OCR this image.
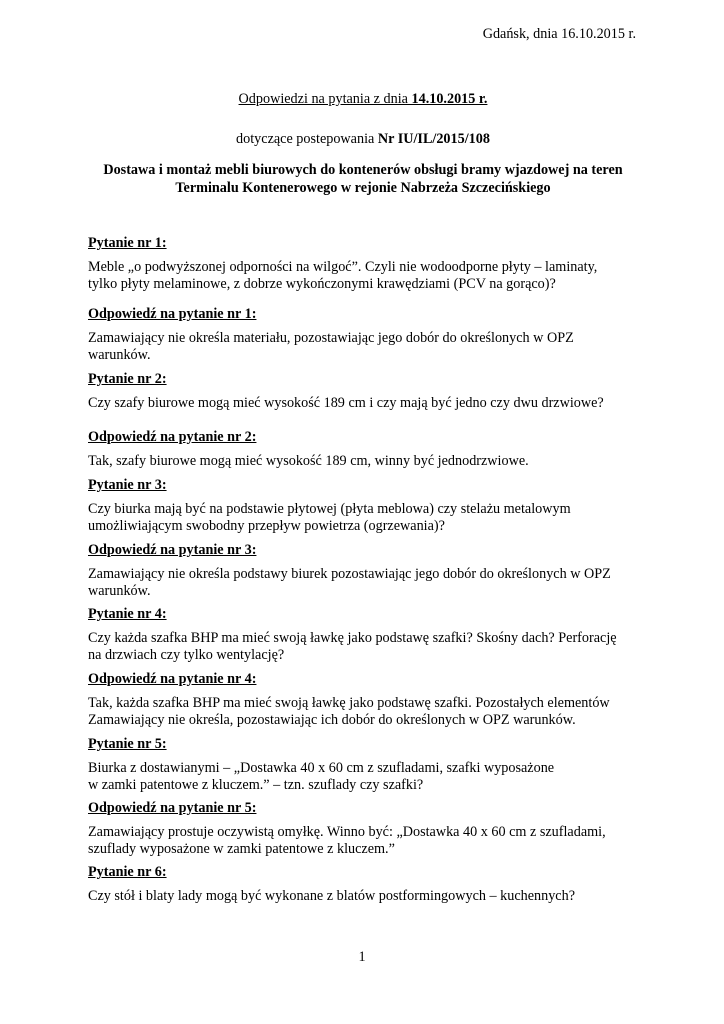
Gdańsk, dnia 16.10.2015 r.
Odpowiedzi na pytania z dnia 14.10.2015 r.
dotyczące postepowania Nr IU/IL/2015/108
Dostawa i montaż mebli biurowych do kontenerów obsługi bramy wjazdowej na teren
Terminalu Kontenerowego w rejonie Nabrzeża Szczecińskiego
Pytanie nr 1:
Meble „o podwyższonej odporności na wilgoć”. Czyli nie wodoodporne płyty – laminaty,
tylko płyty melaminowe, z dobrze wykończonymi krawędziami (PCV na gorąco)?
Odpowiedź na pytanie nr 1:
Zamawiający nie określa materiału, pozostawiając jego dobór do określonych w OPZ
warunków.
Pytanie nr 2:
Czy szafy biurowe mogą mieć wysokość 189 cm i czy mają być jedno czy dwu drzwiowe?
Odpowiedź na pytanie nr 2:
Tak, szafy biurowe mogą mieć wysokość 189 cm, winny być jednodrzwiowe.
Pytanie nr 3:
Czy biurka mają być na podstawie płytowej (płyta meblowa) czy stelażu metalowym
umożliwiającym swobodny przepływ powietrza (ogrzewania)?
Odpowiedź na pytanie nr 3:
Zamawiający nie określa podstawy biurek pozostawiając jego dobór do określonych w OPZ
warunków.
Pytanie nr 4:
Czy każda szafka BHP ma mieć swoją ławkę jako podstawę szafki? Skośny dach? Perforację
na drzwiach czy tylko wentylację?
Odpowiedź na pytanie nr 4:
Tak, każda szafka BHP ma mieć swoją ławkę jako podstawę szafki. Pozostałych elementów
Zamawiający nie określa, pozostawiając ich dobór do określonych w OPZ warunków.
Pytanie nr 5:
Biurka z dostawianymi – „Dostawka 40 x 60 cm z szufladami, szafki wyposażone
w zamki patentowe z kluczem.” – tzn. szuflady czy szafki?
Odpowiedź na pytanie nr 5:
Zamawiający prostuje oczywistą omyłkę. Winno być: „Dostawka 40 x 60 cm z szufladami,
szuflady wyposażone w zamki patentowe z kluczem.”
Pytanie nr 6:
Czy stół i blaty lady mogą być wykonane z blatów postformingowych – kuchennych?
1
